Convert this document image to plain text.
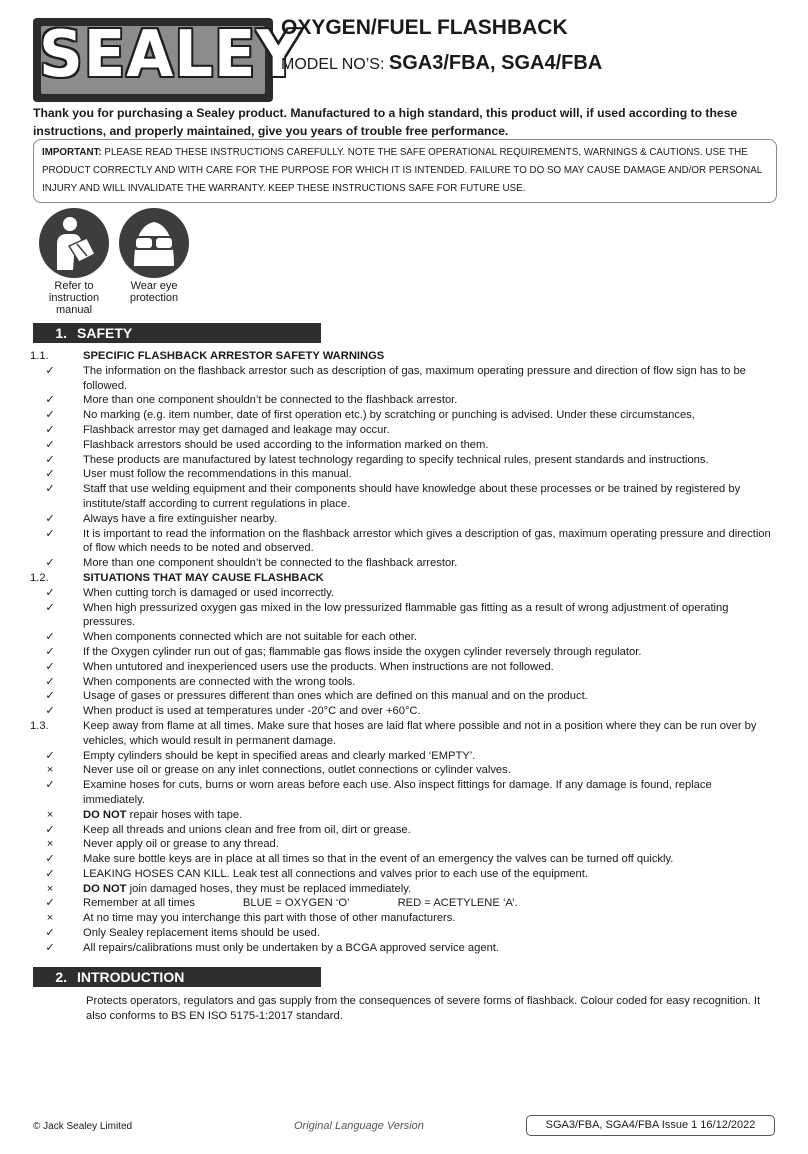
SEALEY
OXYGEN/FUEL FLASHBACK
MODEL NO’S: SGA3/FBA, SGA4/FBA
Thank you for purchasing a Sealey product. Manufactured to a high standard, this product will, if used according to these instructions, and properly maintained, give you years of trouble free performance.
IMPORTANT: PLEASE READ THESE INSTRUCTIONS CAREFULLY. NOTE THE SAFE OPERATIONAL REQUIREMENTS, WARNINGS & CAUTIONS. USE THE PRODUCT CORRECTLY AND WITH CARE FOR THE PURPOSE FOR WHICH IT IS INTENDED. FAILURE TO DO SO MAY CAUSE DAMAGE AND/OR PERSONAL INJURY AND WILL INVALIDATE THE WARRANTY. KEEP THESE INSTRUCTIONS SAFE FOR FUTURE USE.
Refer to instruction manual
Wear eye protection
1. SAFETY
1.1.	SPECIFIC FLASHBACK ARRESTOR SAFETY WARNINGS
✓	The information on the flashback arrestor such as description of gas, maximum operating pressure and direction of flow sign has to be followed.
✓	More than one component shouldn’t be connected to the flashback arrestor.
✓	No marking (e.g. item number, date of first operation etc.) by scratching or punching is advised. Under these circumstances,
✓	Flashback arrestor may get damaged and leakage may occur.
✓	Flashback arrestors should be used according to the information marked on them.
✓	These products are manufactured by latest technology regarding to specify technical rules, present standards and instructions.
✓	User must follow the recommendations in this manual.
✓	Staff that use welding equipment and their components should have knowledge about these processes or be trained by registered by institute/staff according to current regulations in place.
✓	Always have a fire extinguisher nearby.
✓	It is important to read the information on the flashback arrestor which gives a description of gas, maximum operating pressure and direction of flow which needs to be noted and observed.
✓	More than one component shouldn’t be connected to the flashback arrestor.
1.2.	SITUATIONS THAT MAY CAUSE FLASHBACK
✓	When cutting torch is damaged or used incorrectly.
✓	When high pressurized oxygen gas mixed in the low pressurized flammable gas fitting as a result of wrong adjustment of operating pressures.
✓	When components connected which are not suitable for each other.
✓	If the Oxygen cylinder run out of gas; flammable gas flows inside the oxygen cylinder reversely through regulator.
✓	When untutored and inexperienced users use the products. When instructions are not followed.
✓	When components are connected with the wrong tools.
✓	Usage of gases or pressures different than ones which are defined on this manual and on the product.
✓	When product is used at temperatures under -20°C and over +60°C.
1.3.	Keep away from flame at all times. Make sure that hoses are laid flat where possible and not in a position where they can be run over by vehicles, which would result in permanent damage.
✓	Empty cylinders should be kept in specified areas and clearly marked ‘EMPTY’.
×	Never use oil or grease on any inlet connections, outlet connections or cylinder valves.
✓	Examine hoses for cuts, burns or worn areas before each use. Also inspect fittings for damage. If any damage is found, replace immediately.
×	DO NOT repair hoses with tape.
✓	Keep all threads and unions clean and free from oil, dirt or grease.
×	Never apply oil or grease to any thread.
✓	Make sure bottle keys are in place at all times so that in the event of an emergency the valves can be turned off quickly.
✓	LEAKING HOSES CAN KILL. Leak test all connections and valves prior to each use of the equipment.
×	DO NOT join damaged hoses, they must be replaced immediately.
✓	Remember at all times	BLUE = OXYGEN ‘O’	RED = ACETYLENE ‘A’.
×	At no time may you interchange this part with those of other manufacturers.
✓	Only Sealey replacement items should be used.
✓	All repairs/calibrations must only be undertaken by a BCGA approved service agent.
2. INTRODUCTION
Protects operators, regulators and gas supply from the consequences of severe forms of flashback. Colour coded for easy recognition. It also conforms to BS EN ISO 5175-1:2017 standard.
© Jack Sealey Limited	Original Language Version	SGA3/FBA, SGA4/FBA Issue 1 16/12/2022
